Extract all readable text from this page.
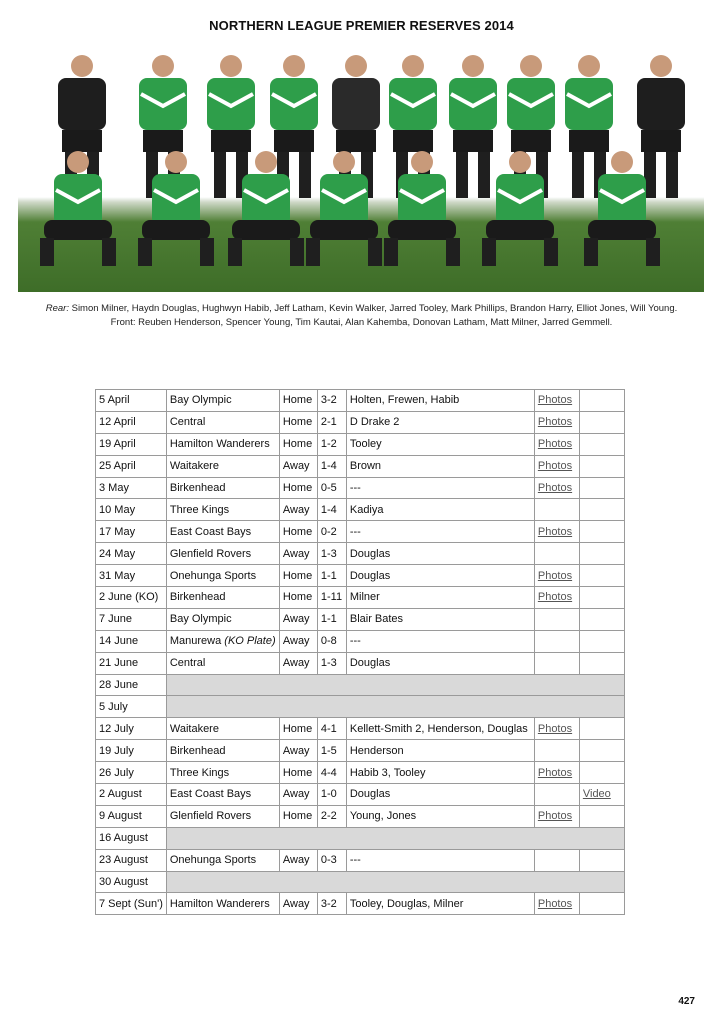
NORTHERN LEAGUE PREMIER RESERVES 2014
Rear: Simon Milner, Haydn Douglas, Hughwyn Habib, Jeff Latham, Kevin Walker, Jarred Tooley, Mark Phillips, Brandon Harry, Elliot Jones, Will Young.
Front: Reuben Henderson, Spencer Young, Tim Kautai, Alan Kahemba, Donovan Latham, Matt Milner, Jarred Gemmell.
5 April	Bay Olympic	Home	3-2	Holten, Frewen, Habib	Photos	
12 April	Central	Home	2-1	D Drake 2	Photos	
19 April	Hamilton Wanderers	Home	1-2	Tooley	Photos	
25 April	Waitakere	Away	1-4	Brown	Photos	
3 May	Birkenhead	Home	0-5	---	Photos	
10 May	Three Kings	Away	1-4	Kadiya		
17 May	East Coast Bays	Home	0-2	---	Photos	
24 May	Glenfield Rovers	Away	1-3	Douglas		
31 May	Onehunga Sports	Home	1-1	Douglas	Photos	
2 June (KO)	Birkenhead	Home	1-11	Milner	Photos	
7 June	Bay Olympic	Away	1-1	Blair Bates		
14 June	Manurewa (KO Plate)	Away	0-8	---		
21 June	Central	Away	1-3	Douglas		
28 June						
5 July						
12 July	Waitakere	Home	4-1	Kellett-Smith 2, Henderson, Douglas	Photos	
19 July	Birkenhead	Away	1-5	Henderson		
26 July	Three Kings	Home	4-4	Habib 3, Tooley	Photos	
2 August	East Coast Bays	Away	1-0	Douglas		Video
9 August	Glenfield Rovers	Home	2-2	Young, Jones	Photos	
16 August						
23 August	Onehunga Sports	Away	0-3	---		
30 August						
7 Sept (Sun')	Hamilton Wanderers	Away	3-2	Tooley, Douglas, Milner	Photos	
427
